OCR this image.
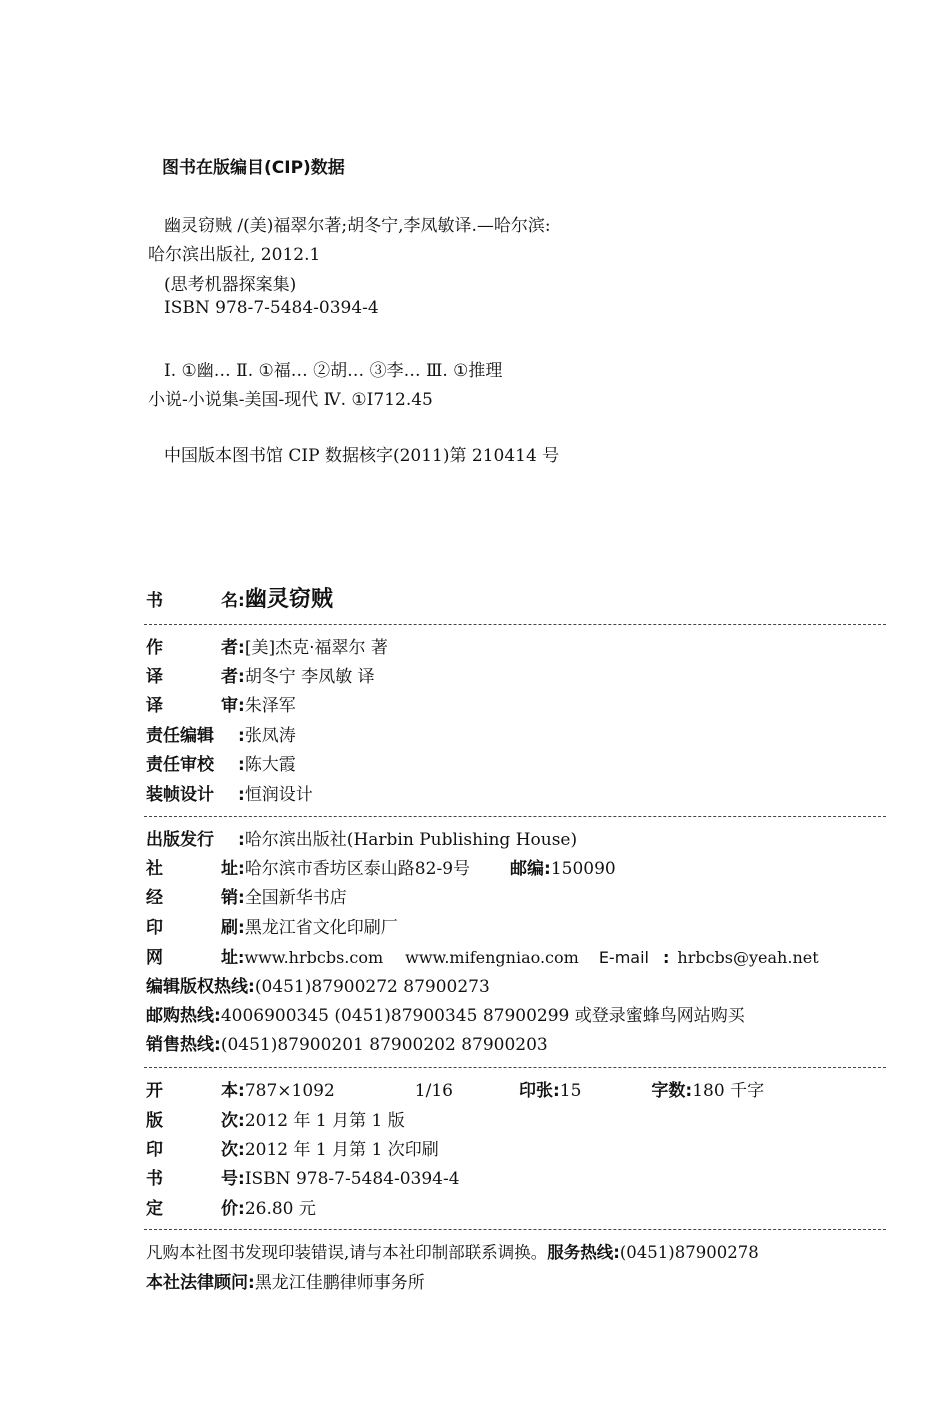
图书在版编目(CIP)数据
幽灵窃贼 /(美)福翠尔著;胡冬宁,李凤敏译.—哈尔滨:
哈尔滨出版社, 2012.1
(思考机器探案集)
ISBN 978-7-5484-0394-4
Ⅰ. ①幽… Ⅱ. ①福… ②胡… ③李… Ⅲ. ①推理
小说-小说集-美国-现代 Ⅳ. ①I712.45
中国版本图书馆 CIP 数据核字(2011)第 210414 号
书 名:幽灵窃贼
作 者:[美]杰克·福翠尔 著
译 者:胡冬宁 李凤敏 译
译 审:朱泽军
责任编辑 :张凤涛
责任审校 :陈大霞
装帧设计 :恒润设计
出版发行 :哈尔滨出版社(Harbin Publishing House)
社 址:哈尔滨市香坊区泰山路82-9号 邮编:150090
经 销:全国新华书店
印 刷:黑龙江省文化印刷厂
网 址:www.hrbcbs.com www.mifengniao.com E-mail : hrbcbs@yeah.net
编辑版权热线:(0451)87900272 87900273
邮购热线:4006900345 (0451)87900345 87900299 或登录蜜蜂鸟网站购买
销售热线:(0451)87900201 87900202 87900203
开 本:787×1092	1/16	印张:15	字数:180 千字
版 次:2012 年 1 月第 1 版
印 次:2012 年 1 月第 1 次印刷
书 号:ISBN 978-7-5484-0394-4
定 价:26.80 元
凡购本社图书发现印装错误,请与本社印制部联系调换。服务热线:(0451)87900278
本社法律顾问:黑龙江佳鹏律师事务所
